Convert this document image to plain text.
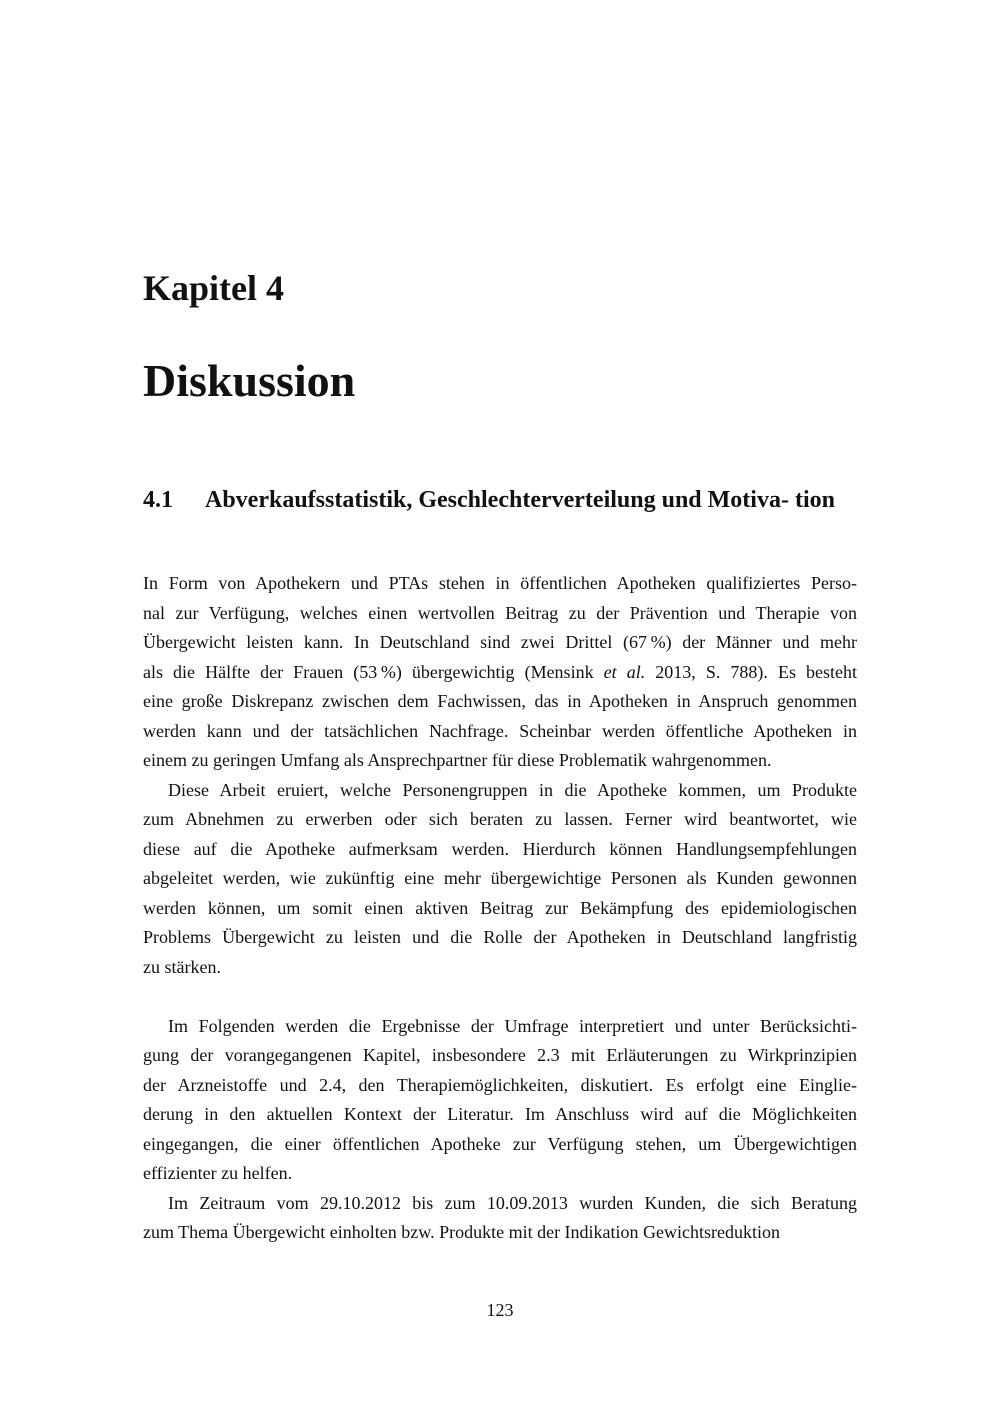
Kapitel 4
Diskussion
4.1	Abverkaufsstatistik, Geschlechterverteilung und Motiva- tion
In Form von Apothekern und PTAs stehen in öffentlichen Apotheken qualifiziertes Perso-
nal zur Verfügung, welches einen wertvollen Beitrag zu der Prävention und Therapie von
Übergewicht leisten kann. In Deutschland sind zwei Drittel (67 %) der Männer und mehr
als die Hälfte der Frauen (53 %) übergewichtig (Mensink et al. 2013, S. 788). Es besteht
eine große Diskrepanz zwischen dem Fachwissen, das in Apotheken in Anspruch genommen
werden kann und der tatsächlichen Nachfrage. Scheinbar werden öffentliche Apotheken in
einem zu geringen Umfang als Ansprechpartner für diese Problematik wahrgenommen.
Diese Arbeit eruiert, welche Personengruppen in die Apotheke kommen, um Produkte
zum Abnehmen zu erwerben oder sich beraten zu lassen. Ferner wird beantwortet, wie
diese auf die Apotheke aufmerksam werden. Hierdurch können Handlungsempfehlungen
abgeleitet werden, wie zukünftig eine mehr übergewichtige Personen als Kunden gewonnen
werden können, um somit einen aktiven Beitrag zur Bekämpfung des epidemiologischen
Problems Übergewicht zu leisten und die Rolle der Apotheken in Deutschland langfristig
zu stärken.
Im Folgenden werden die Ergebnisse der Umfrage interpretiert und unter Berücksichti-
gung der vorangegangenen Kapitel, insbesondere 2.3 mit Erläuterungen zu Wirkprinzipien
der Arzneistoffe und 2.4, den Therapiemöglichkeiten, diskutiert. Es erfolgt eine Einglie-
derung in den aktuellen Kontext der Literatur. Im Anschluss wird auf die Möglichkeiten
eingegangen, die einer öffentlichen Apotheke zur Verfügung stehen, um Übergewichtigen
effizienter zu helfen.
Im Zeitraum vom 29.10.2012 bis zum 10.09.2013 wurden Kunden, die sich Beratung
zum Thema Übergewicht einholten bzw. Produkte mit der Indikation Gewichtsreduktion
123
